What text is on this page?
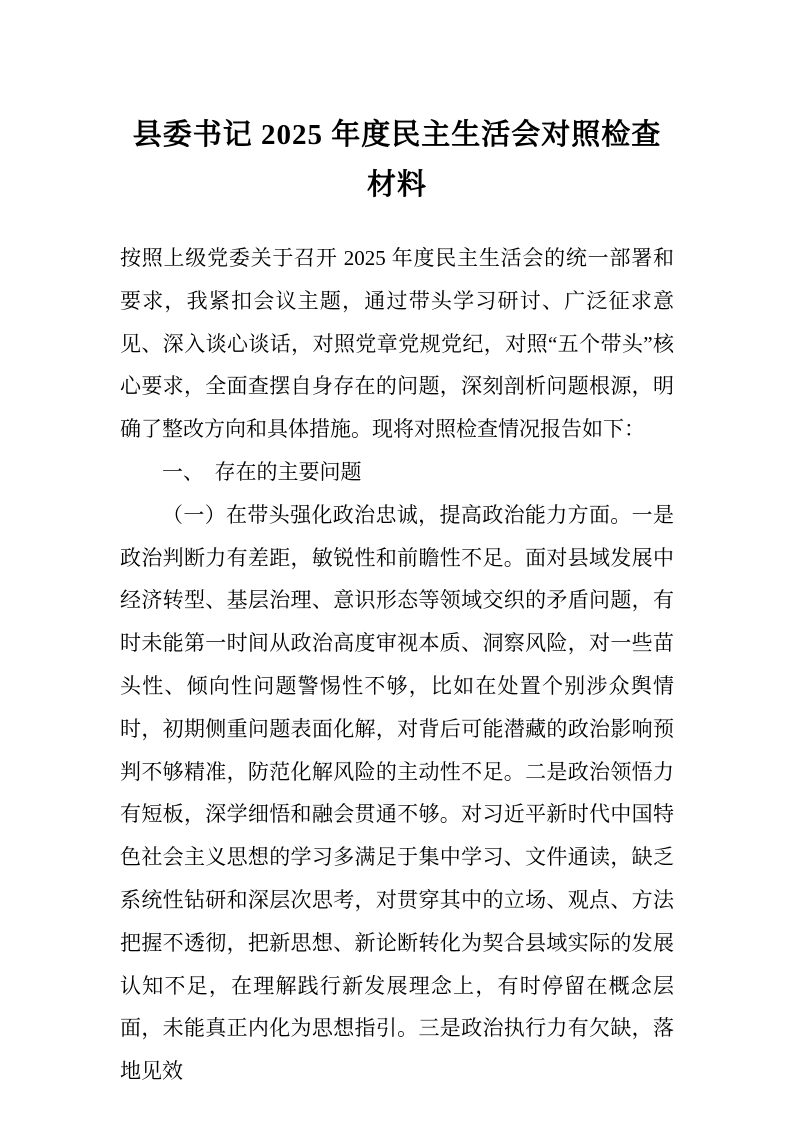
县委书记 2025 年度民主生活会对照检查材料

按照上级党委关于召开 2025 年度民主生活会的统一部署和要求，我紧扣会议主题，通过带头学习研讨、广泛征求意见、深入谈心谈话，对照党章党规党纪，对照“五个带头”核心要求，全面查摆自身存在的问题，深刻剖析问题根源，明确了整改方向和具体措施。现将对照检查情况报告如下：

一、　存在的主要问题

（一）在带头强化政治忠诚，提高政治能力方面。一是政治判断力有差距，敏锐性和前瞻性不足。面对县域发展中经济转型、基层治理、意识形态等领域交织的矛盾问题，有时未能第一时间从政治高度审视本质、洞察风险，对一些苗头性、倾向性问题警惕性不够，比如在处置个别涉众舆情时，初期侧重问题表面化解，对背后可能潜藏的政治影响预判不够精准，防范化解风险的主动性不足。二是政治领悟力有短板，深学细悟和融会贯通不够。对习近平新时代中国特色社会主义思想的学习多满足于集中学习、文件通读，缺乏系统性钻研和深层次思考，对贯穿其中的立场、观点、方法把握不透彻，把新思想、新论断转化为契合县域实际的发展认知不足，在理解践行新发展理念上，有时停留在概念层面，未能真正内化为思想指引。三是政治执行力有欠缺，落地见效
